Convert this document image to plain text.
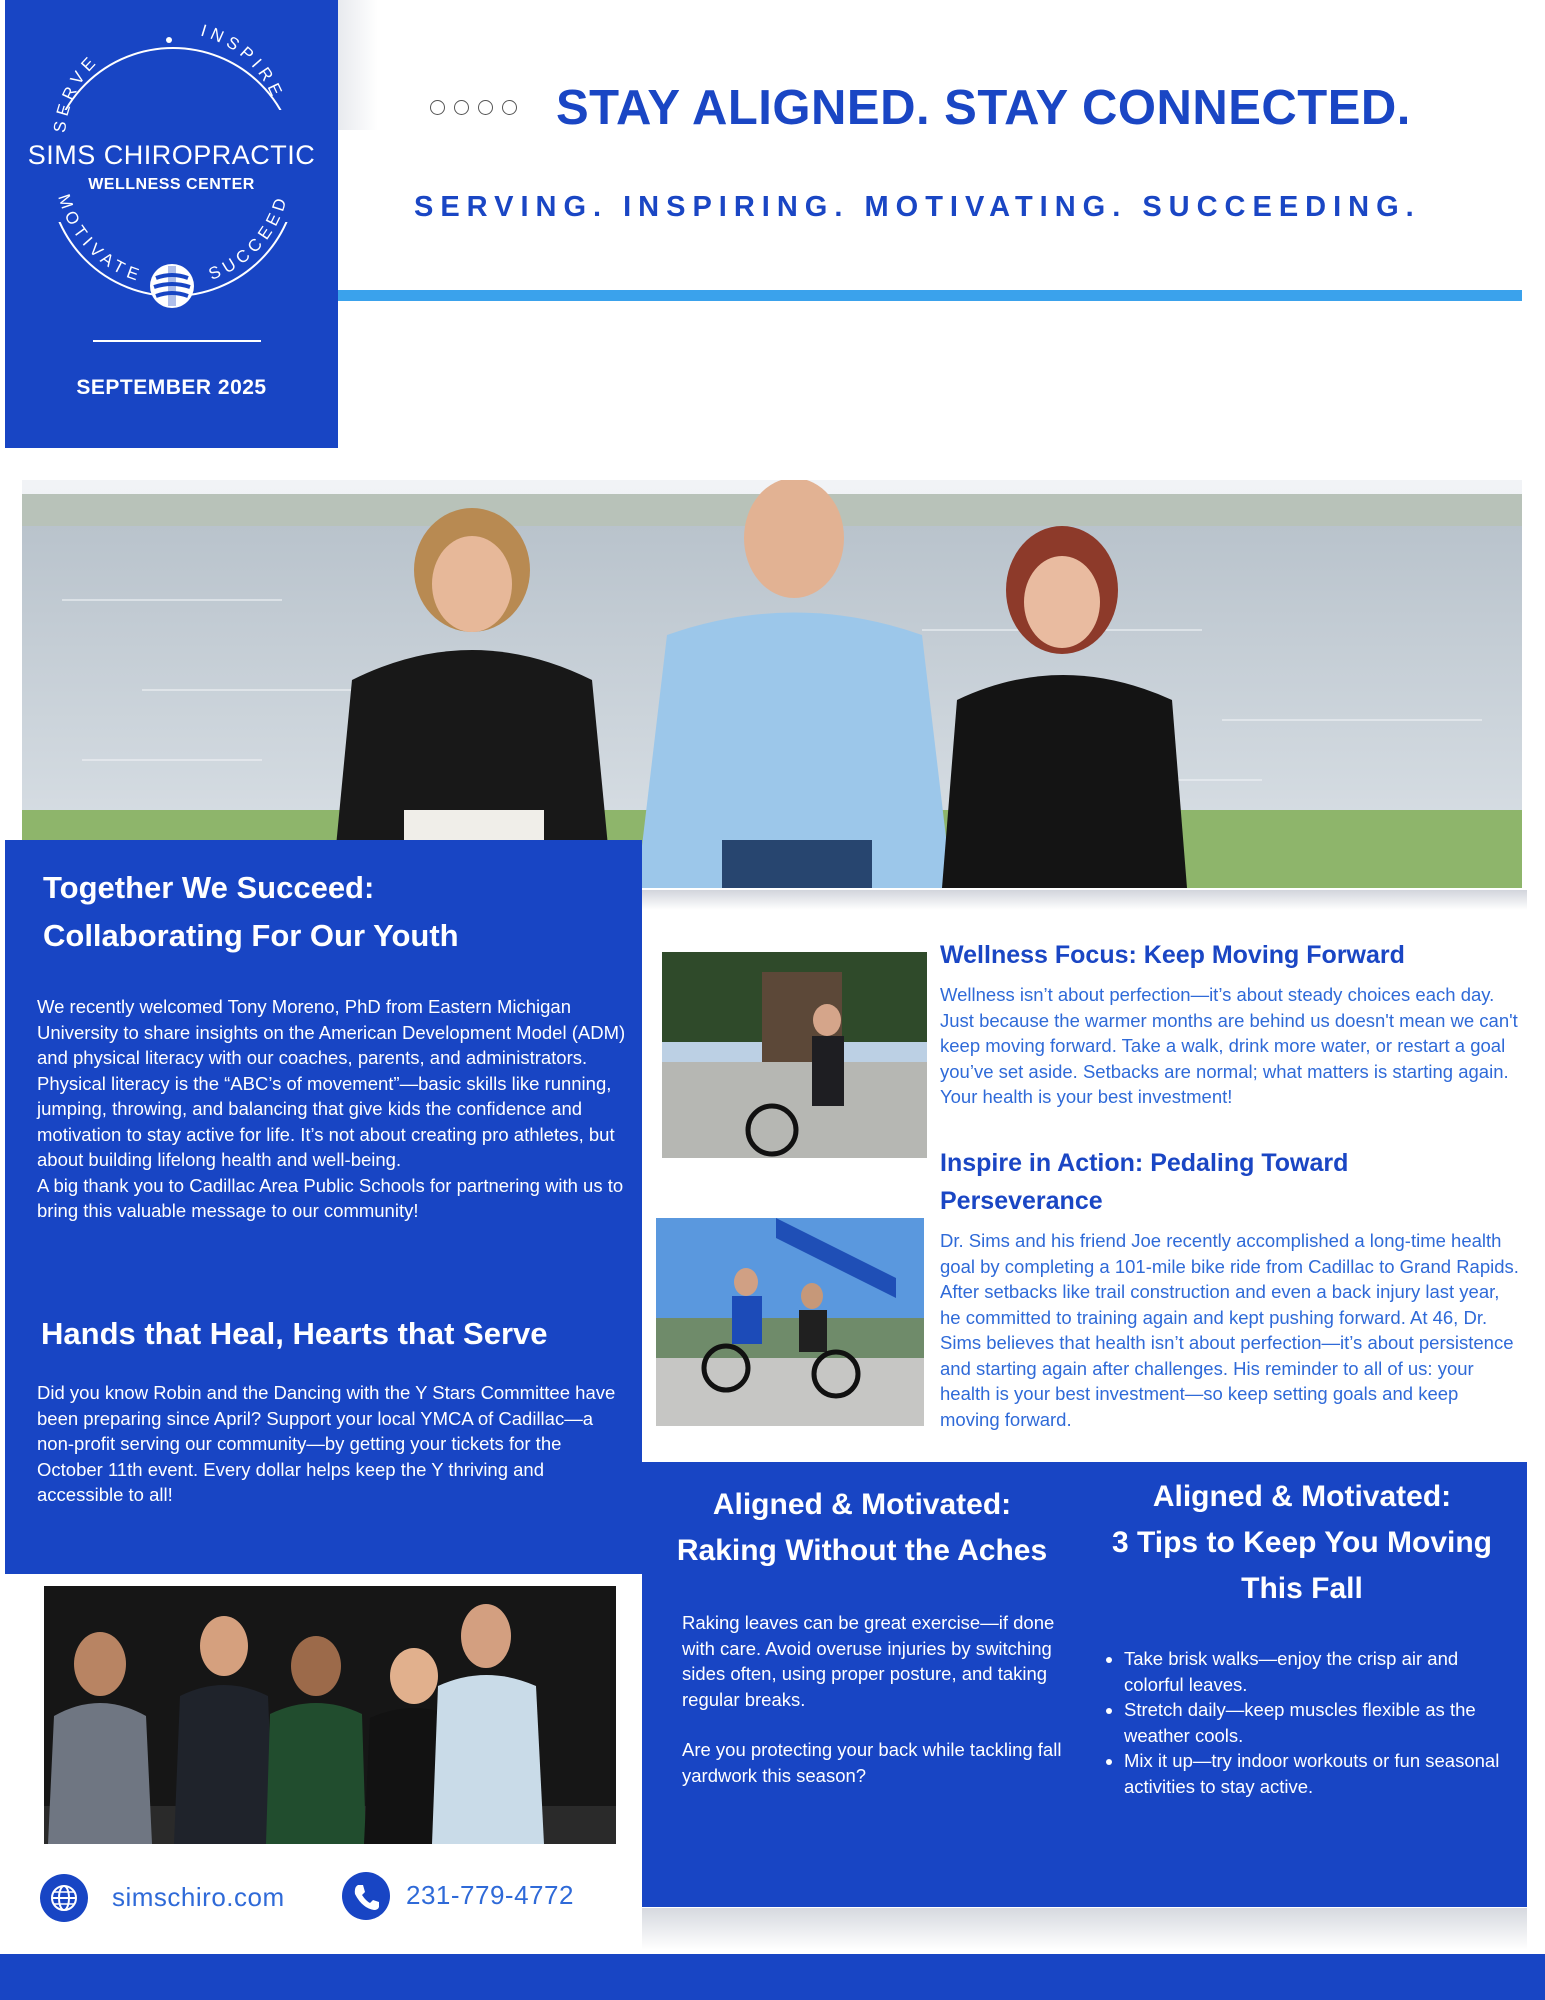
SERVE
INSPIRE
MOTIVATE	SUCCEED
SIMS CHIROPRACTIC
WELLNESS CENTER
SEPTEMBER 2025
STAY ALIGNED. STAY CONNECTED.
SERVING. INSPIRING. MOTIVATING. SUCCEEDING.
Together We Succeed:
Collaborating For Our Youth
We recently welcomed Tony Moreno, PhD from Eastern Michigan University to share insights on the American Development Model (ADM) and physical literacy with our coaches, parents, and administrators.
Physical literacy is the “ABC’s of movement”—basic skills like running, jumping, throwing, and balancing that give kids the confidence and motivation to stay active for life. It’s not about creating pro athletes, but about building lifelong health and well-being.
A big thank you to Cadillac Area Public Schools for partnering with us to bring this valuable message to our community!
Hands that Heal, Hearts that Serve
Did you know Robin and the Dancing with the Y Stars Committee have been preparing since April? Support your local YMCA of Cadillac—a non-profit serving our community—by getting your tickets for the October 11th event. Every dollar helps keep the Y thriving and accessible to all!
Wellness Focus: Keep Moving Forward
Wellness isn’t about perfection—it’s about steady choices each day. Just because the warmer months are behind us doesn't mean we can't keep moving forward. Take a walk, drink more water, or restart a goal you’ve set aside. Setbacks are normal; what matters is starting again. Your health is your best investment!
Inspire in Action: Pedaling Toward
Perseverance
Dr. Sims and his friend Joe recently accomplished a long-time health goal by completing a 101-mile bike ride from Cadillac to Grand Rapids. After setbacks like trail construction and even a back injury last year, he committed to training again and kept pushing forward. At 46, Dr. Sims believes that health isn’t about perfection—it’s about persistence and starting again after challenges. His reminder to all of us: your health is your best investment—so keep setting goals and keep moving forward.
Aligned & Motivated:
Raking Without the Aches
Raking leaves can be great exercise—if done with care. Avoid overuse injuries by switching sides often, using proper posture, and taking regular breaks.
Are you protecting your back while tackling fall yardwork this season?
Aligned & Motivated:
3 Tips to Keep You Moving
This Fall
• Take brisk walks—enjoy the crisp air and colorful leaves.
• Stretch daily—keep muscles flexible as the weather cools.
• Mix it up—try indoor workouts or fun seasonal activities to stay active.
simschiro.com	231-779-4772
